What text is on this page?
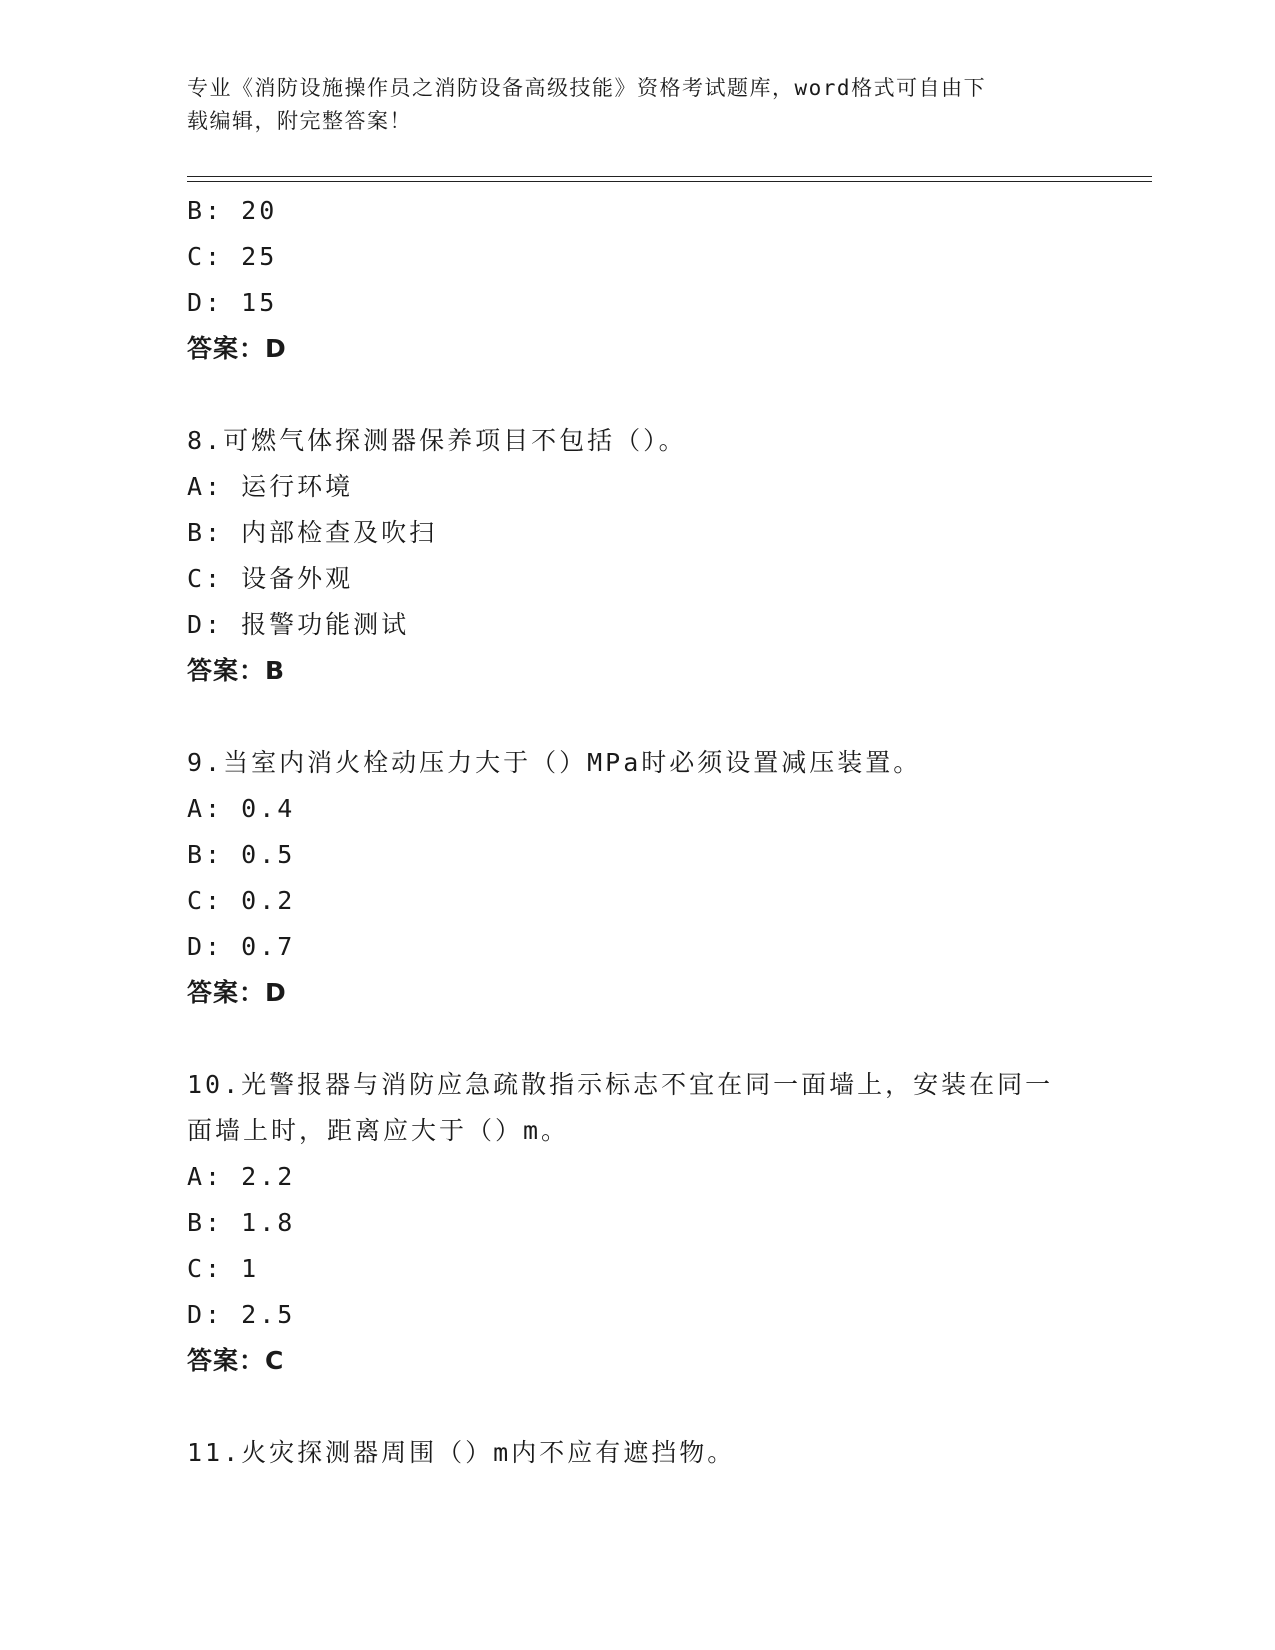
专业《消防设施操作员之消防设备高级技能》资格考试题库，word格式可自由下
载编辑，附完整答案！
B: 20
C: 25
D: 15
答案：D
8.可燃气体探测器保养项目不包括（）。
A: 运行环境
B: 内部检查及吹扫
C: 设备外观
D: 报警功能测试
答案：B
9.当室内消火栓动压力大于（）MPa时必须设置减压装置。
A: 0.4
B: 0.5
C: 0.2
D: 0.7
答案：D
10.光警报器与消防应急疏散指示标志不宜在同一面墙上，安装在同一
面墙上时，距离应大于（）m。
A: 2.2
B: 1.8
C: 1
D: 2.5
答案：C
11.火灾探测器周围（）m内不应有遮挡物。
